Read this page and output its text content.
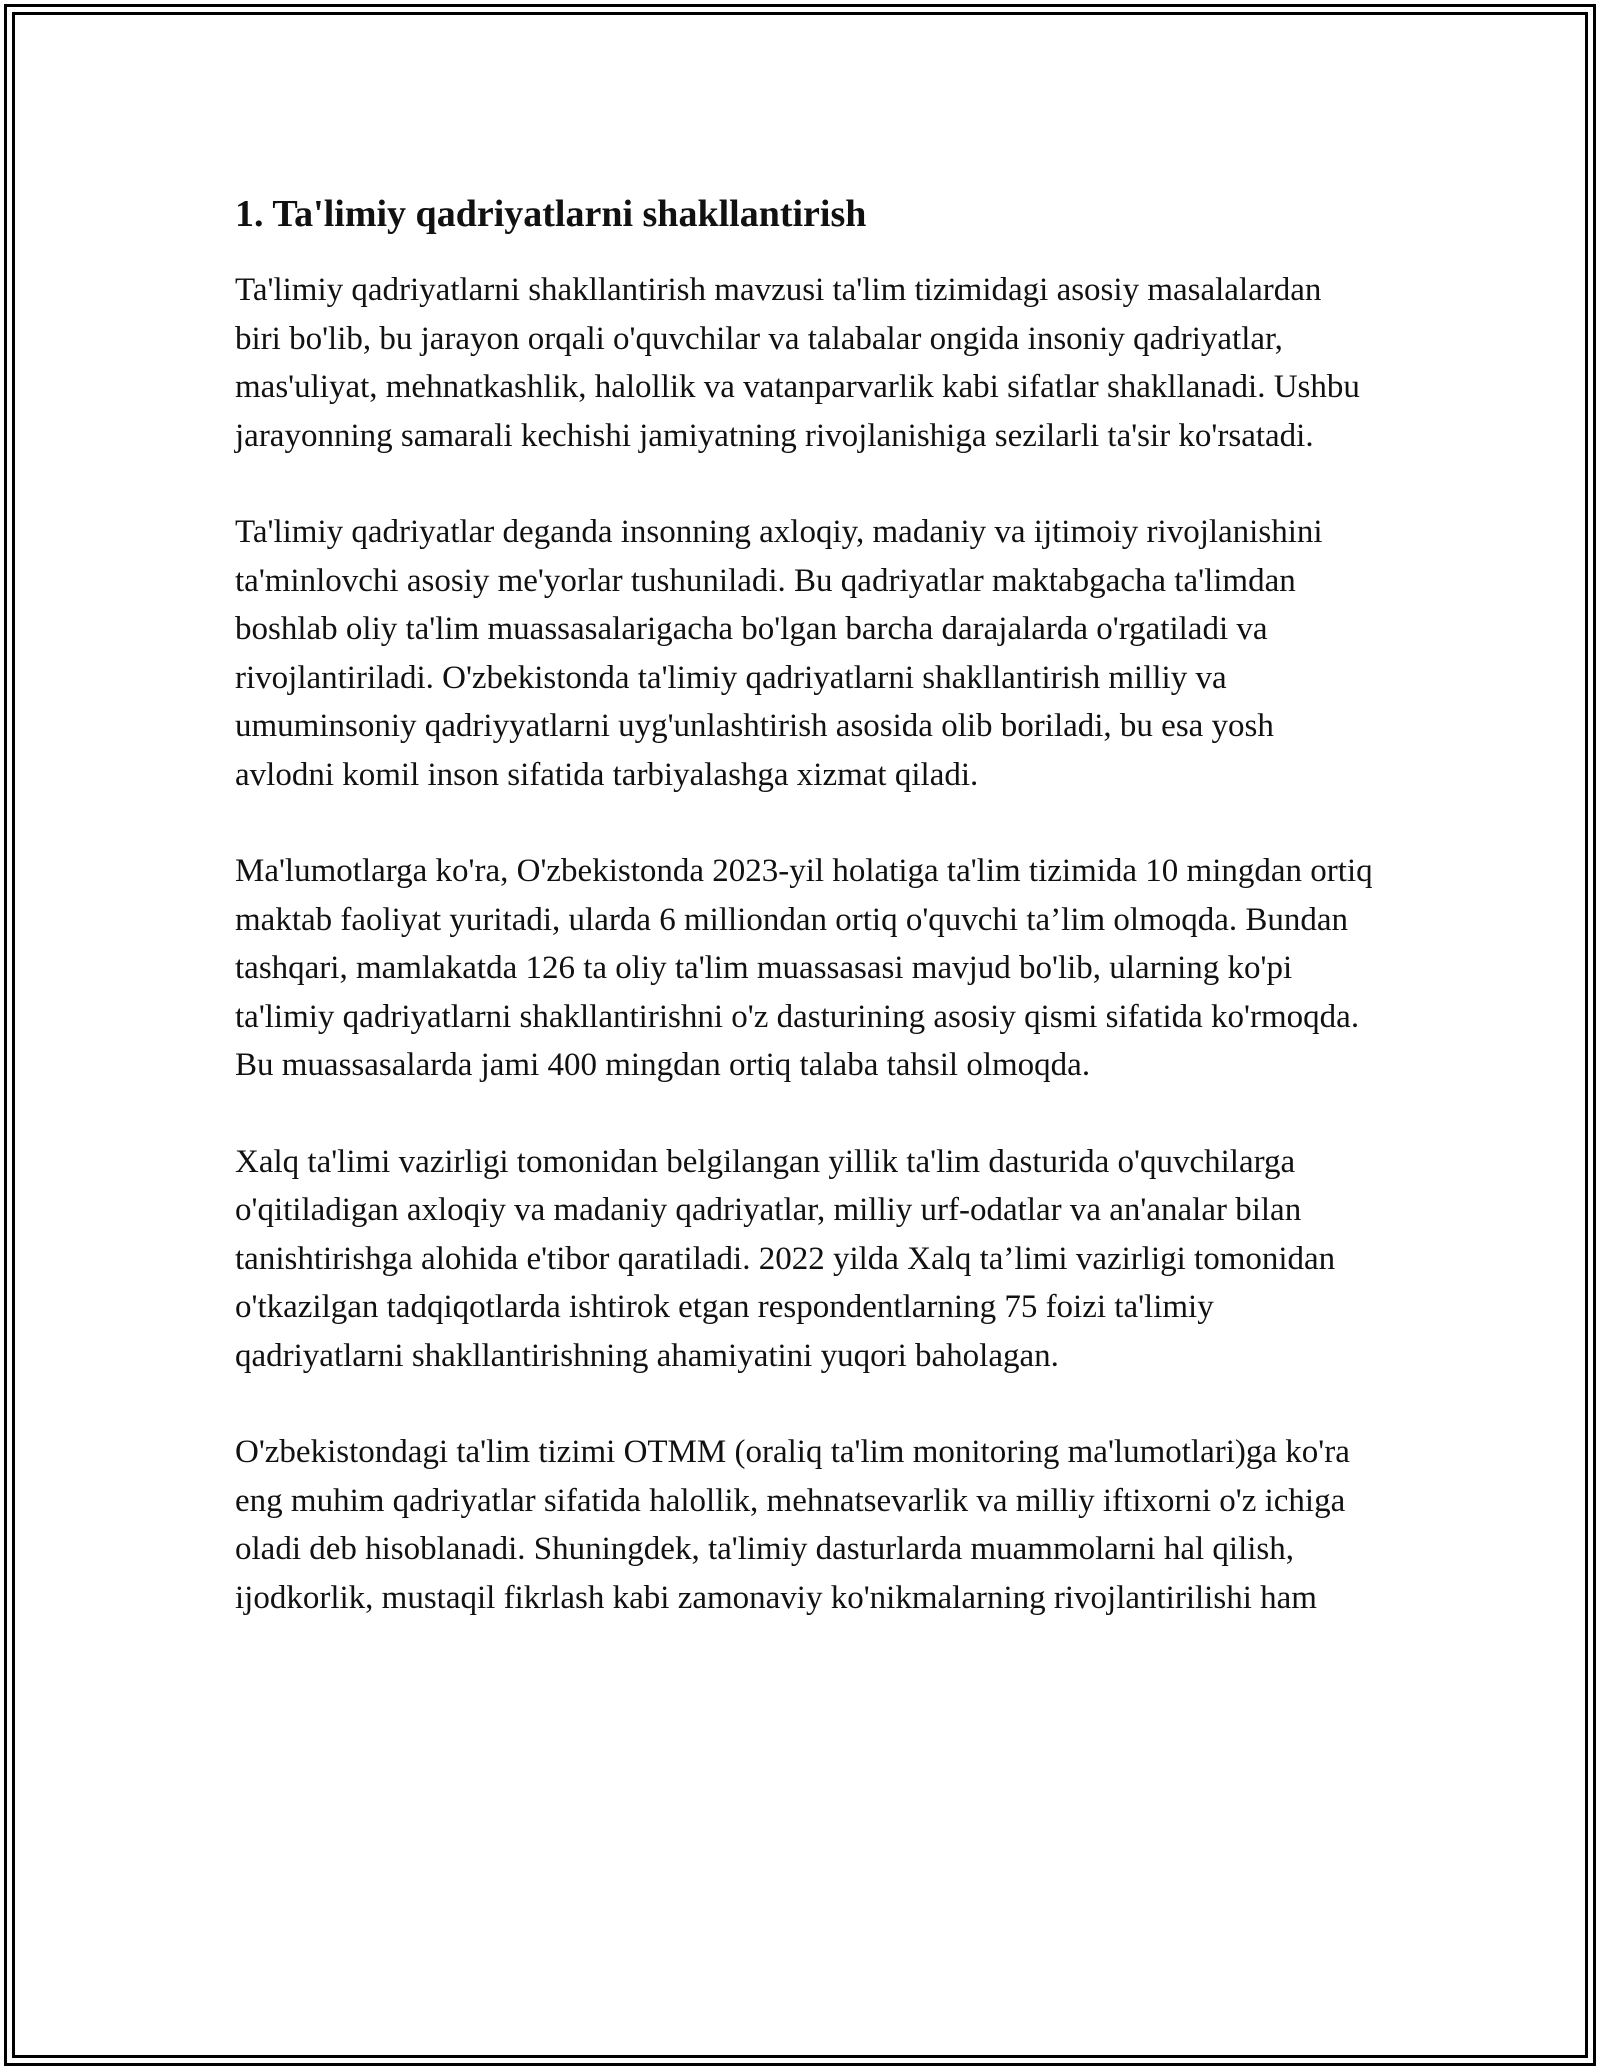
1. Ta'limiy qadriyatlarni shakllantirish

Ta'limiy qadriyatlarni shakllantirish mavzusi ta'lim tizimidagi asosiy masalalardan biri bo'lib, bu jarayon orqali o'quvchilar va talabalar ongida insoniy qadriyatlar, mas'uliyat, mehnatkashlik, halollik va vatanparvarlik kabi sifatlar shakllanadi. Ushbu jarayonning samarali kechishi jamiyatning rivojlanishiga sezilarli ta'sir ko'rsatadi.

Ta'limiy qadriyatlar deganda insonning axloqiy, madaniy va ijtimoiy rivojlanishini ta'minlovchi asosiy me'yorlar tushuniladi. Bu qadriyatlar maktabgacha ta'limdan boshlab oliy ta'lim muassasalarigacha bo'lgan barcha darajalarda o'rgatiladi va rivojlantiriladi. O'zbekistonda ta'limiy qadriyatlarni shakllantirish milliy va umuminsoniy qadriyyatlarni uyg'unlashtirish asosida olib boriladi, bu esa yosh avlodni komil inson sifatida tarbiyalashga xizmat qiladi.

Ma'lumotlarga ko'ra, O'zbekistonda 2023-yil holatiga ta'lim tizimida 10 mingdan ortiq maktab faoliyat yuritadi, ularda 6 milliondan ortiq o'quvchi ta’lim olmoqda. Bundan tashqari, mamlakatda 126 ta oliy ta'lim muassasasi mavjud bo'lib, ularning ko'pi ta'limiy qadriyatlarni shakllantirishni o'z dasturining asosiy qismi sifatida ko'rmoqda. Bu muassasalarda jami 400 mingdan ortiq talaba tahsil olmoqda.

Xalq ta'limi vazirligi tomonidan belgilangan yillik ta'lim dasturida o'quvchilarga o'qitiladigan axloqiy va madaniy qadriyatlar, milliy urf-odatlar va an'analar bilan tanishtirishga alohida e'tibor qaratiladi. 2022 yilda Xalq ta’limi vazirligi tomonidan o'tkazilgan tadqiqotlarda ishtirok etgan respondentlarning 75 foizi ta'limiy qadriyatlarni shakllantirishning ahamiyatini yuqori baholagan.

O'zbekistondagi ta'lim tizimi OTMM (oraliq ta'lim monitoring ma'lumotlari)ga ko'ra eng muhim qadriyatlar sifatida halollik, mehnatsevarlik va milliy iftixorni o'z ichiga oladi deb hisoblanadi. Shuningdek, ta'limiy dasturlarda muammolarni hal qilish, ijodkorlik, mustaqil fikrlash kabi zamonaviy ko'nikmalarning rivojlantirilishi ham
